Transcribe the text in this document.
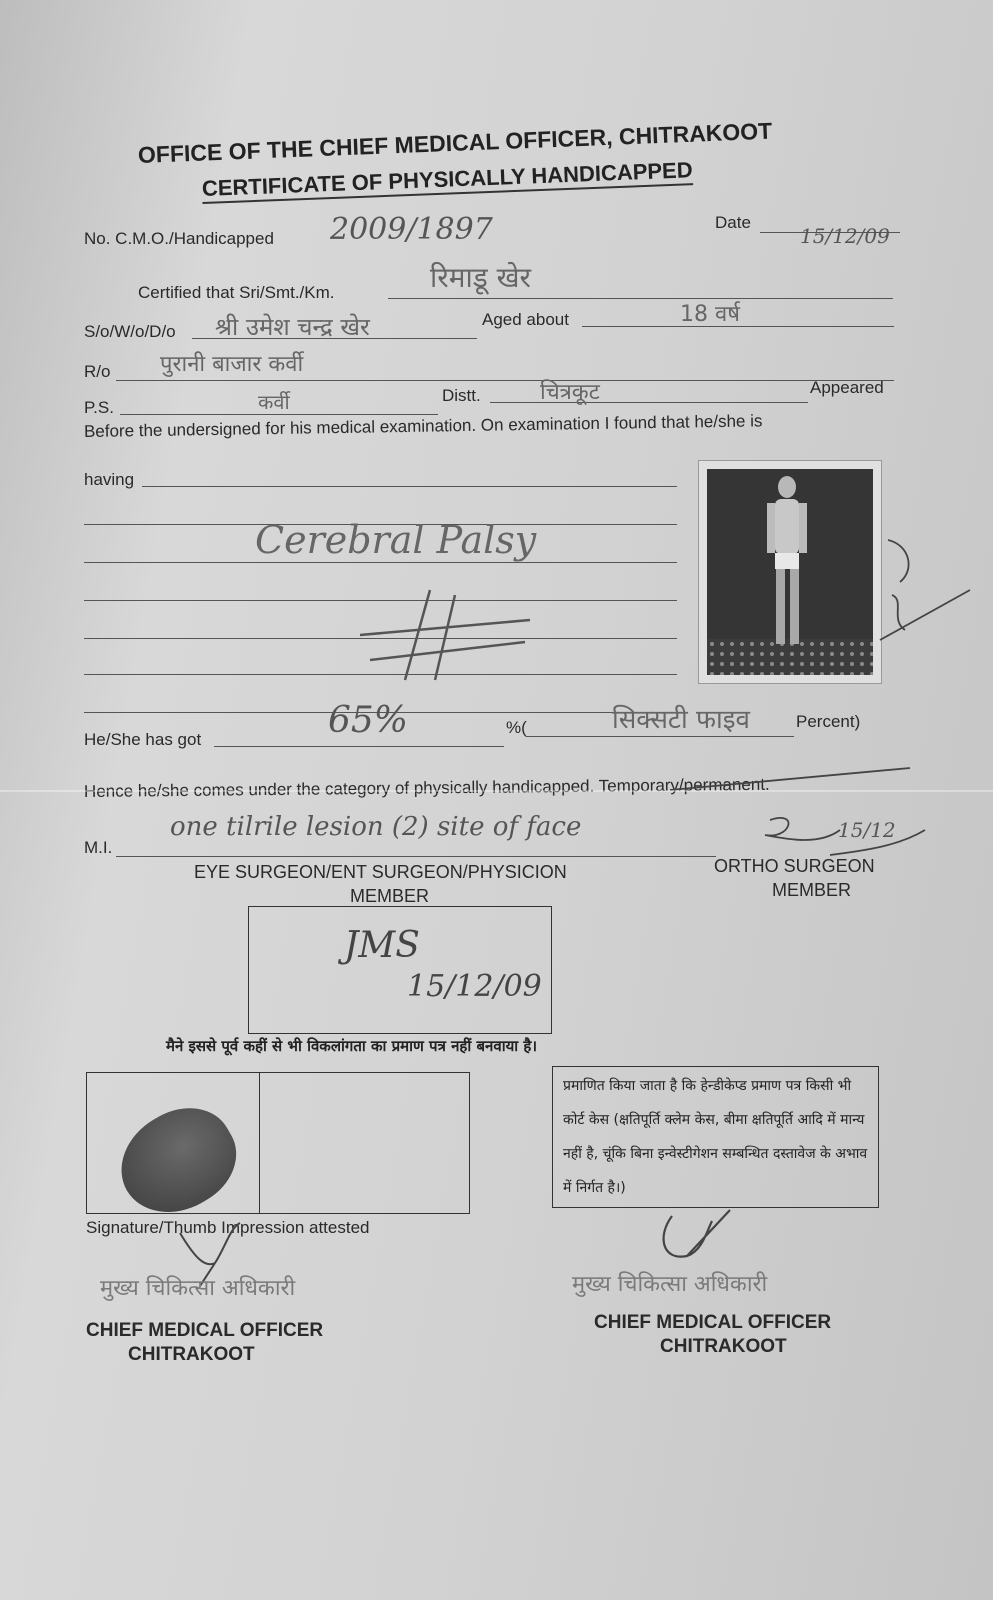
OFFICE OF THE CHIEF MEDICAL OFFICER, CHITRAKOOT
CERTIFICATE OF PHYSICALLY HANDICAPPED
No. C.M.O./Handicapped 2009/1897	Date
15/12/09
Certified that Sri/Smt./Km.	रिमाडू खेर
S/o/W/o/D/o श्री उमेश चन्द्र खेर	Aged about	18 वर्ष
R/o पुरानी बाजार कर्वी
P.S.	कर्वी	Distt.	चित्रकूट	Appeared
Before the undersigned for his medical examination. On examination I found that he/she is
having
Cerebral Palsy
He/She has got	65%	%(	सिक्सटी फाइव	Percent)
Hence he/she comes under the category of physically handicapped. Temporary/permanent.
M.I.
one tilrile lesion (2) site of face	15/12
EYE SURGEON/ENT SURGEON/PHYSICION
MEMBER
ORTHO SURGEON
MEMBER
JMS
15/12/09
मैने इससे पूर्व कहीं से भी विकलांगता का प्रमाण पत्र नहीं बनवाया है।
प्रमाणित किया जाता है कि हेन्डीकेप्ड प्रमाण पत्र किसी भी कोर्ट केस (क्षतिपूर्ति क्लेम केस, बीमा क्षतिपूर्ति आदि में मान्य नहीं है, चूंकि बिना इन्वेस्टीगेशन सम्बन्धित दस्तावेज के अभाव में निर्गत है।)
Signature/Thumb Impression attested
मुख्य चिकित्सा अधिकारी
CHIEF MEDICAL OFFICER
CHITRAKOOT
मुख्य चिकित्सा अधिकारी
CHIEF MEDICAL OFFICER
CHITRAKOOT
